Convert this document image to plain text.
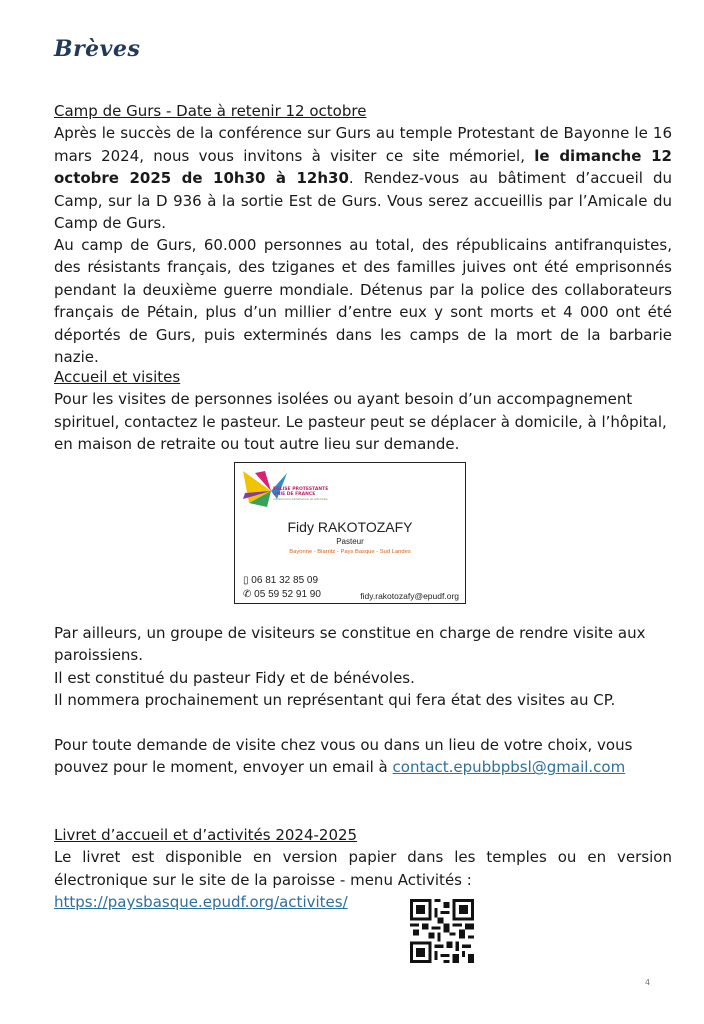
Brèves

Camp de Gurs - Date à retenir 12 octobre

Après le succès de la conférence sur Gurs au temple Protestant de Bayonne le 16 mars 2024, nous vous invitons à visiter ce site mémoriel, le dimanche 12 octobre 2025 de 10h30 à 12h30. Rendez-vous au bâtiment d’accueil du Camp, sur la D 936 à la sortie Est de Gurs. Vous serez accueillis par l’Amicale du Camp de Gurs.

Au camp de Gurs, 60.000 personnes au total, des républicains antifranquistes, des résistants français, des tziganes et des familles juives ont été emprisonnés pendant la deuxième guerre mondiale. Détenus par la police des collaborateurs français de Pétain, plus d’un millier d’entre eux y sont morts et 4 000 ont été déportés de Gurs, puis exterminés dans les camps de la mort de la barbarie nazie.

Accueil et visites

Pour les visites de personnes isolées ou ayant besoin d’un accompagnement spirituel, contactez le pasteur. Le pasteur peut se déplacer à domicile, à l’hôpital, en maison de retraite ou tout autre lieu sur demande.

EGLISE PROTESTANTE UNIE DE FRANCE
communion luthérienne et réformée
Fidy RAKOTOZAFY
Pasteur
Bayonne - Biarritz - Pays Basque - Sud Landes
▯ 06 81 32 85 09
✆ 05 59 52 91 90	fidy.rakotozafy@epudf.org

Par ailleurs, un groupe de visiteurs se constitue en charge de rendre visite aux paroissiens.

Il est constitué du pasteur Fidy et de bénévoles.

Il nommera prochainement un représentant qui fera état des visites au CP.

Pour toute demande de visite chez vous ou dans un lieu de votre choix, vous pouvez pour le moment, envoyer un email à contact.epubbpbsl@gmail.com

Livret d’accueil et d’activités 2024-2025

Le livret est disponible en version papier dans les temples ou en version électronique sur le site de la paroisse - menu Activités :

https://paysbasque.epudf.org/activites/

4
